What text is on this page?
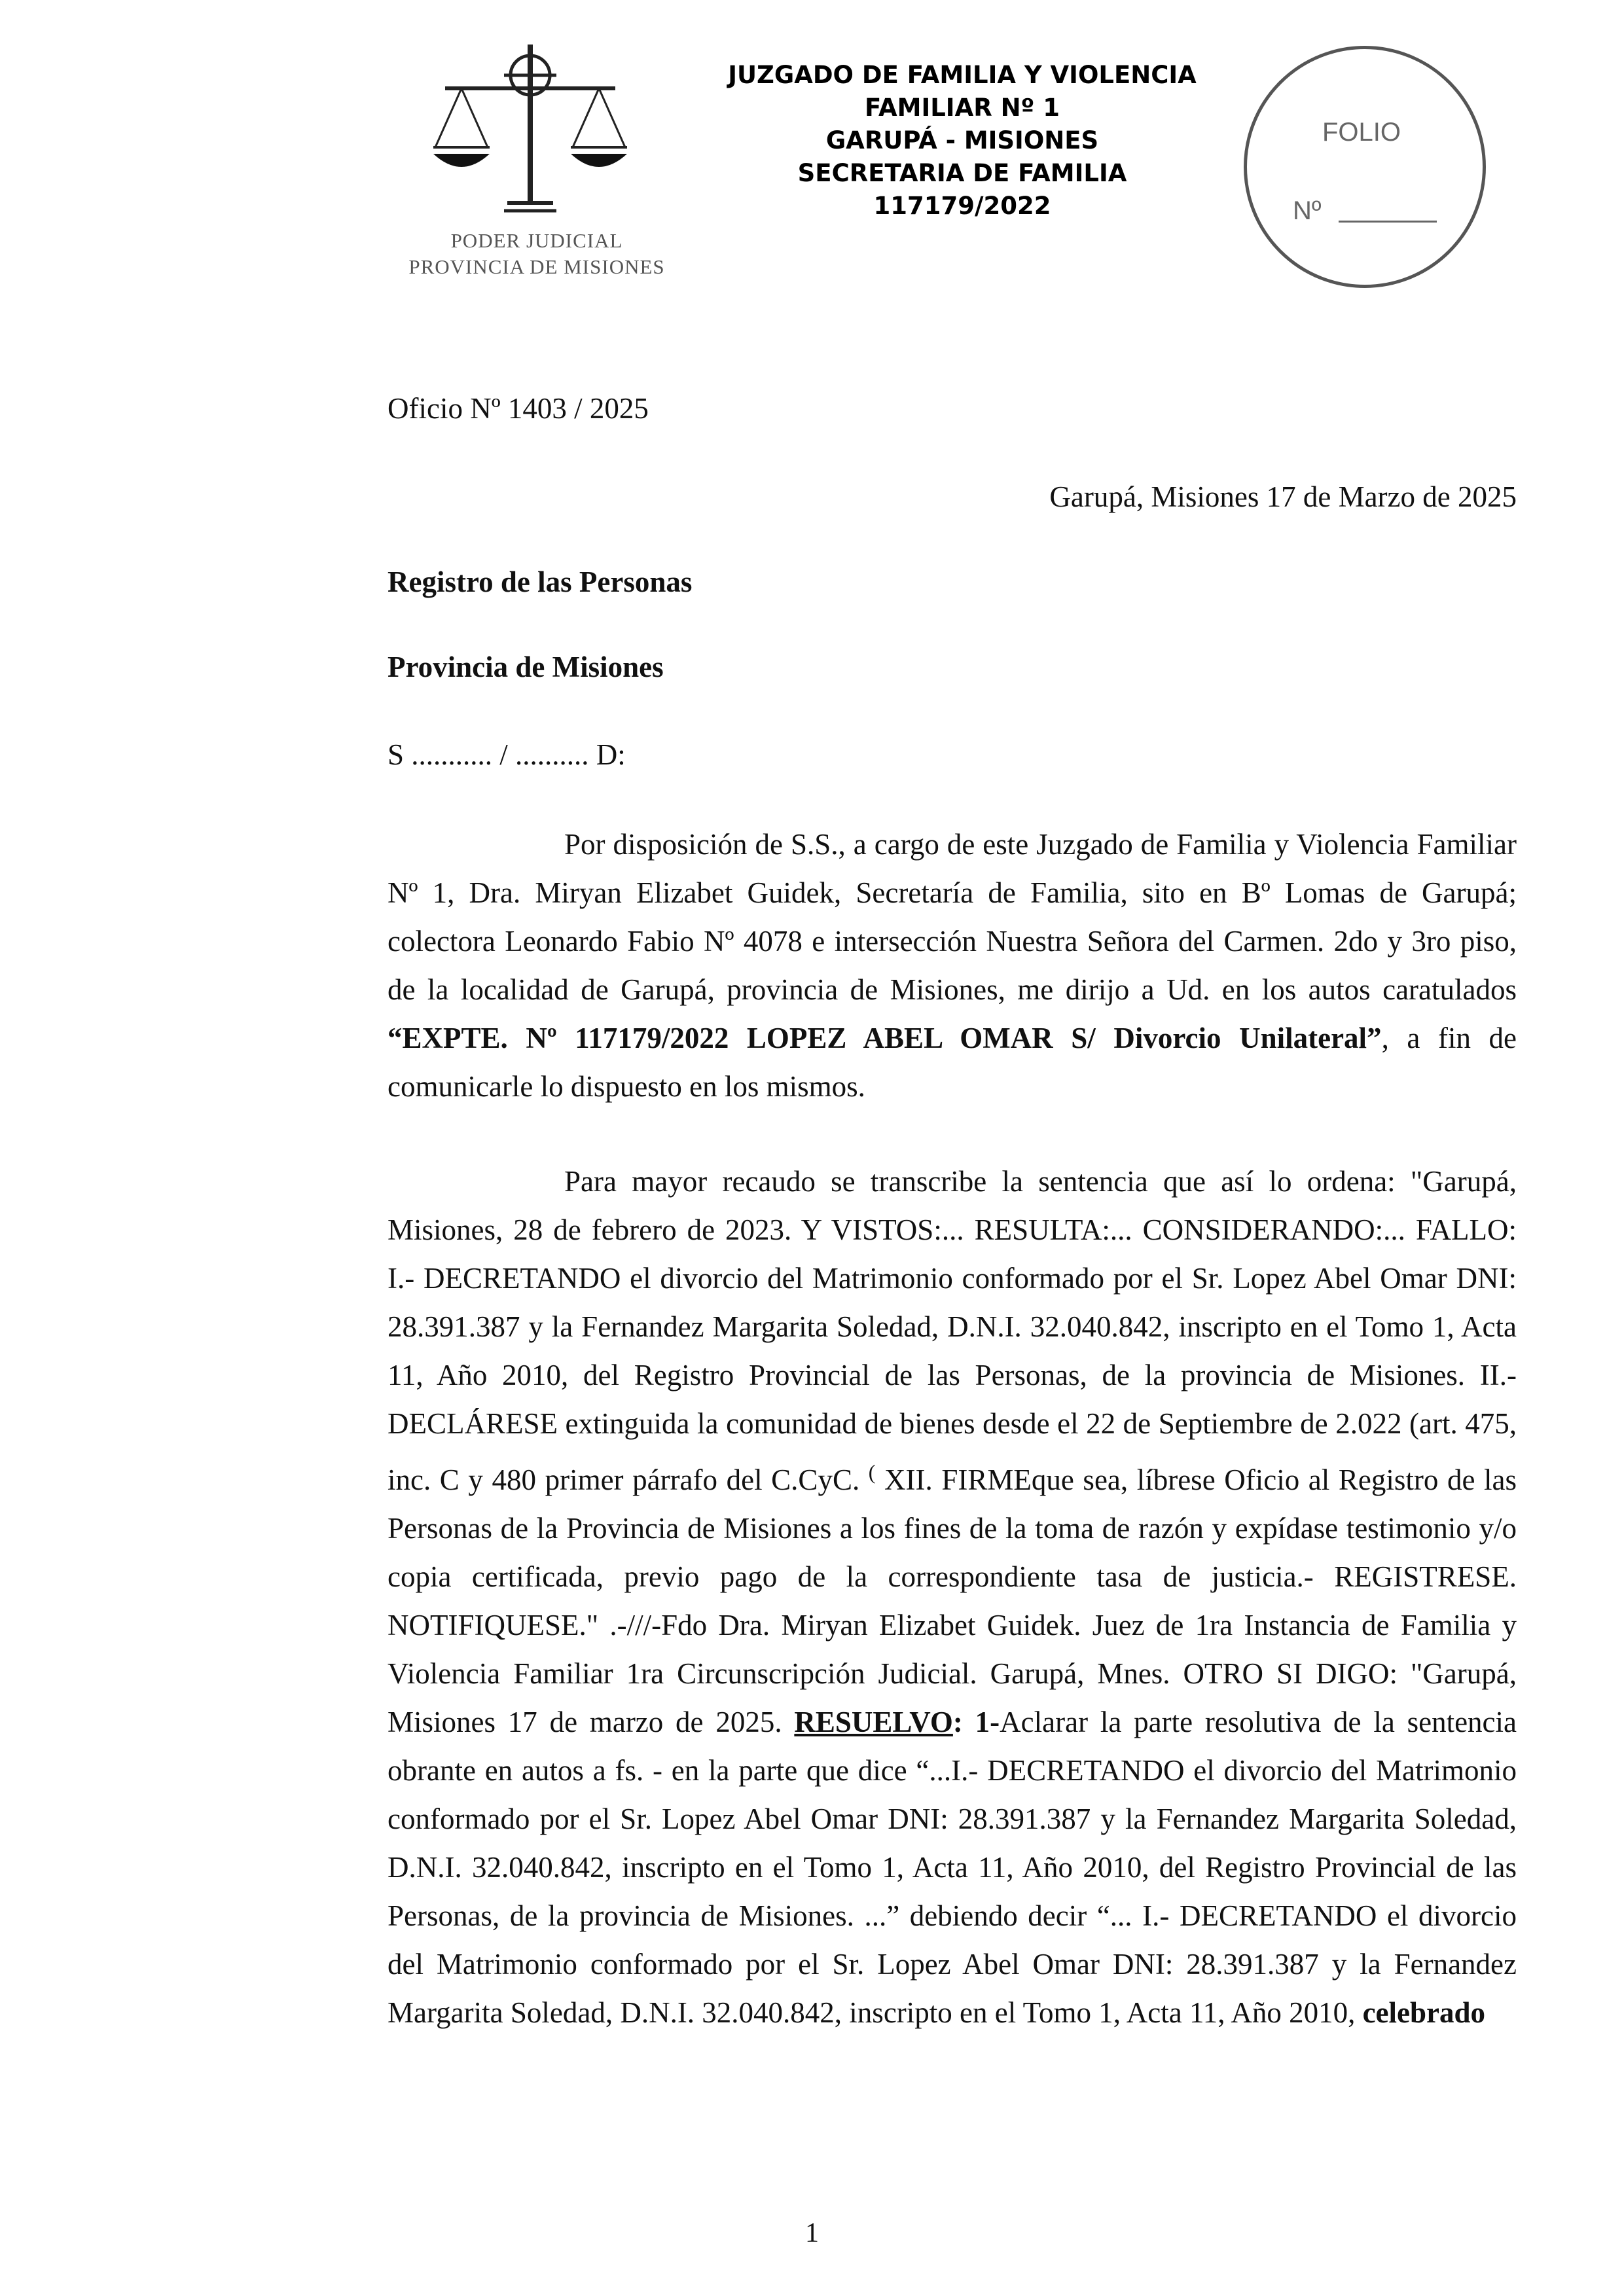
PODER JUDICIAL
PROVINCIA DE MISIONES
JUZGADO DE FAMILIA Y VIOLENCIA
FAMILIAR Nº 1
GARUPÁ - MISIONES
SECRETARIA DE FAMILIA
117179/2022
FOLIO
Nº
Oficio Nº 1403 / 2025
Garupá, Misiones 17 de Marzo de 2025
Registro de las Personas
Provincia de Misiones
S ........... / .......... D:

Por disposición de S.S., a cargo de este Juzgado de Familia y Violencia Familiar Nº 1, Dra. Miryan Elizabet Guidek, Secretaría de Familia, sito en Bº Lomas de Garupá; colectora Leonardo Fabio Nº 4078 e intersección Nuestra Señora del Carmen. 2do y 3ro piso, de la localidad de Garupá, provincia de Misiones, me dirijo a Ud. en los autos caratulados “EXPTE. Nº 117179/2022 LOPEZ ABEL OMAR S/ Divorcio Unilateral”, a fin de comunicarle lo dispuesto en los mismos.

Para mayor recaudo se transcribe la sentencia que así lo ordena: "Garupá, Misiones, 28 de febrero de 2023. Y VISTOS:... RESULTA:... CONSIDERANDO:... FALLO: I.- DECRETANDO el divorcio del Matrimonio conformado por el Sr. Lopez Abel Omar DNI: 28.391.387 y la Fernandez Margarita Soledad, D.N.I. 32.040.842, inscripto en el Tomo 1, Acta 11, Año 2010, del Registro Provincial de las Personas, de la provincia de Misiones. II.- DECLÁRESE extinguida la comunidad de bienes desde el 22 de Septiembre de 2.022 (art. 475, inc. C y 480 primer párrafo del C.CyC. ( XII. FIRMEque sea, líbrese Oficio al Registro de las Personas de la Provincia de Misiones a los fines de la toma de razón y expídase testimonio y/o copia certificada, previo pago de la correspondiente tasa de justicia.- REGISTRESE. NOTIFIQUESE." .-///-Fdo Dra. Miryan Elizabet Guidek. Juez de 1ra Instancia de Familia y Violencia Familiar 1ra Circunscripción Judicial. Garupá, Mnes. OTRO SI DIGO: "Garupá, Misiones 17 de marzo de 2025. RESUELVO: 1-Aclarar la parte resolutiva de la sentencia obrante en autos a fs. - en la parte que dice “...I.- DECRETANDO el divorcio del Matrimonio conformado por el Sr. Lopez Abel Omar DNI: 28.391.387 y la Fernandez Margarita Soledad, D.N.I. 32.040.842, inscripto en el Tomo 1, Acta 11, Año 2010, del Registro Provincial de las Personas, de la provincia de Misiones. ...” debiendo decir “... I.- DECRETANDO el divorcio del Matrimonio conformado por el Sr. Lopez Abel Omar DNI: 28.391.387 y la Fernandez Margarita Soledad, D.N.I. 32.040.842, inscripto en el Tomo 1, Acta 11, Año 2010, celebrado

1
